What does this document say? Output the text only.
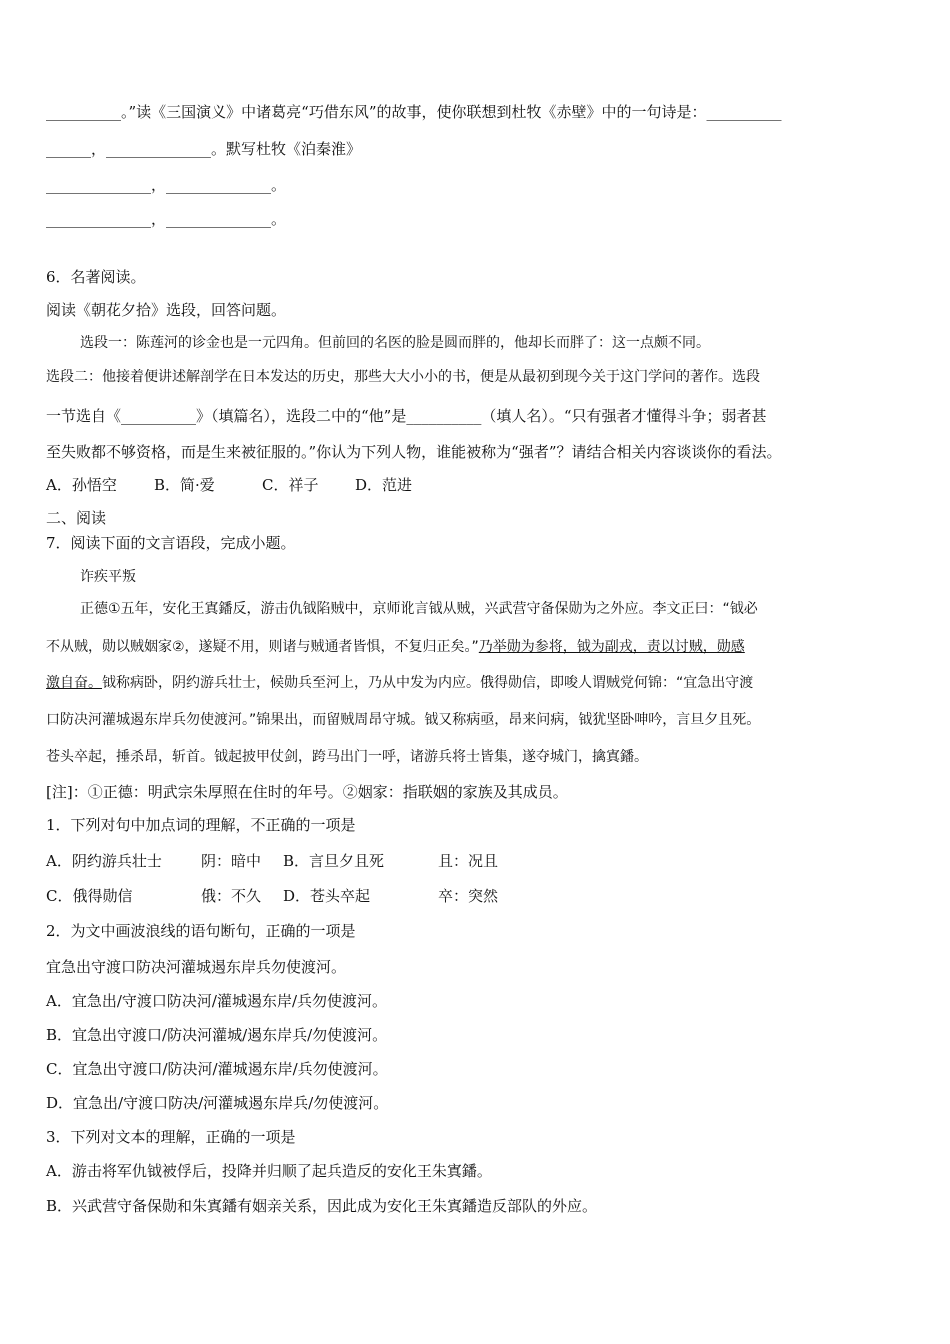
__________。”读《三国演义》中诸葛亮“巧借东风”的故事，使你联想到杜牧《赤壁》中的一句诗是：__________
______，______________。默写杜牧《泊秦淮》
______________，______________。
______________，______________。
6．名著阅读。
阅读《朝花夕拾》选段，回答问题。
选段一：陈莲河的诊金也是一元四角。但前回的名医的脸是圆而胖的，他却长而胖了：这一点颇不同。
选段二：他接着便讲述解剖学在日本发达的历史，那些大大小小的书，便是从最初到现今关于这门学问的著作。选段
一节选自《__________》（填篇名），选段二中的“他”是__________（填人名）。“只有强者才懂得斗争；弱者甚
至失败都不够资格，而是生来被征服的。”你认为下列人物，谁能被称为“强者”？请结合相关内容谈谈你的看法。
A．孙悟空 B．简·爱	C．祥子 D．范进
二、阅读
7．阅读下面的文言语段，完成小题。
诈疾平叛
正德①五年，安化王寘鐇反，游击仇钺陷贼中，京师讹言钺从贼，兴武营守备保勋为之外应。李文正曰：“钺必
不从贼，勋以贼姻家②，遂疑不用，则诸与贼通者皆惧，不复归正矣。”乃举勋为参将，钺为副戎，责以讨贼，勋感
激自奋。钺称病卧，阴约游兵壮士，候勋兵至河上，乃从中发为内应。俄得勋信，即唆人谓贼党何锦：“宜急出守渡
口防决河灌城遏东岸兵勿使渡河。”锦果出，而留贼周昂守城。钺又称病亟，昂来问病，钺犹坚卧呻吟，言旦夕且死。
苍头卒起，捶杀昂，斩首。钺起披甲仗剑，跨马出门一呼，诸游兵将士皆集，遂夺城门，擒寘鐇。
[注]：①正德：明武宗朱厚照在住时的年号。②姻家：指联姻的家族及其成员。
1．下列对句中加点词的理解，不正确的一项是
A．阴约游兵壮士	阴：暗中 B．言旦夕且死	且：况且
C．俄得勋信	俄：不久 D．苍头卒起	卒：突然
2．为文中画波浪线的语句断句，正确的一项是
宜急出守渡口防决河灌城遏东岸兵勿使渡河。
A．宜急出/守渡口防决河/灌城遏东岸/兵勿使渡河。
B．宜急出守渡口/防决河灌城/遏东岸兵/勿使渡河。
C．宜急出守渡口/防决河/灌城遏东岸/兵勿使渡河。
D．宜急出/守渡口防决/河灌城遏东岸兵/勿使渡河。
3．下列对文本的理解，正确的一项是
A．游击将军仇钺被俘后，投降并归顺了起兵造反的安化王朱寘鐇。
B．兴武营守备保勋和朱寘鐇有姻亲关系，因此成为安化王朱寘鐇造反部队的外应。
